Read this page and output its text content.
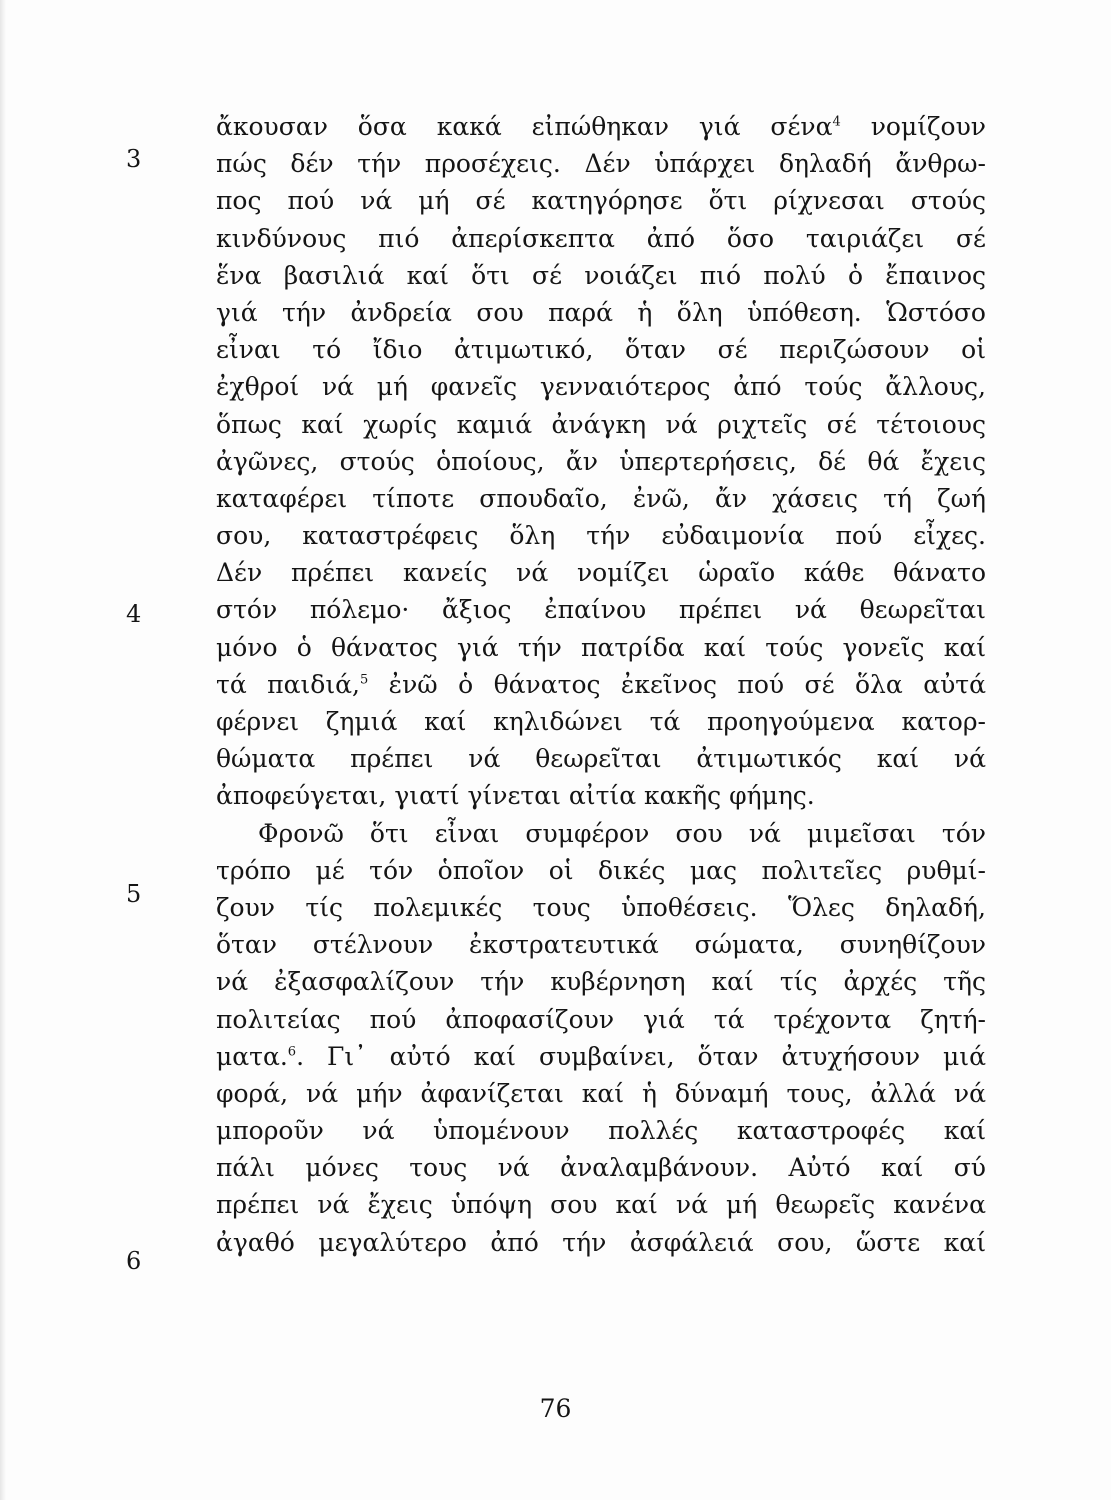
3
4
5
6
ἄκουσαν ὅσα κακά εἰπώθηκαν γιά σένα$^4$ νομίζουν
πώς δέν τήν προσέχεις. Δέν ὑπάρχει δηλαδή ἄνθρω-
πος πού νά μή σέ κατηγόρησε ὅτι ρίχνεσαι στούς
κινδύνους πιό ἀπερίσκεπτα ἀπό ὅσο ταιριάζει σέ
ἕνα βασιλιά καί ὅτι σέ νοιάζει πιό πολύ ὁ ἔπαινος
γιά τήν ἀνδρεία σου παρά ἡ ὅλη ὑπόθεση. Ὡστόσο
εἶναι τό ἴδιο ἀτιμωτικό, ὅταν σέ περιζώσουν οἱ
ἐχθροί νά μή φανεῖς γενναιότερος ἀπό τούς ἄλλους,
ὅπως καί χωρίς καμιά ἀνάγκη νά ριχτεῖς σέ τέτοιους
ἀγῶνες, στούς ὁποίους, ἄν ὑπερτερήσεις, δέ θά ἔχεις
καταφέρει τίποτε σπουδαῖο, ἐνῶ, ἄν χάσεις τή ζωή
σου, καταστρέφεις ὅλη τήν εὐδαιμονία πού εἶχες.
Δέν πρέπει κανείς νά νομίζει ὡραῖο κάθε θάνατο
στόν πόλεμο· ἄξιος ἐπαίνου πρέπει νά θεωρεῖται
μόνο ὁ θάνατος γιά τήν πατρίδα καί τούς γονεῖς καί
τά παιδιά,$^5$ ἐνῶ ὁ θάνατος ἐκεῖνος πού σέ ὅλα αὐτά
φέρνει ζημιά καί κηλιδώνει τά προηγούμενα κατορ-
θώματα πρέπει νά θεωρεῖται ἀτιμωτικός καί νά
ἀποφεύγεται, γιατί γίνεται αἰτία κακῆς φήμης.
Φρονῶ ὅτι εἶναι συμφέρον σου νά μιμεῖσαι τόν
τρόπο μέ τόν ὁποῖον οἱ δικές μας πολιτεῖες ρυθμί-
ζουν τίς πολεμικές τους ὑποθέσεις. Ὅλες δηλαδή,
ὅταν στέλνουν ἐκστρατευτικά σώματα, συνηθίζουν
νά ἐξασφαλίζουν τήν κυβέρνηση καί τίς ἀρχές τῆς
πολιτείας πού ἀποφασίζουν γιά τά τρέχοντα ζητή-
ματα.$^6$. Γι᾽ αὐτό καί συμβαίνει, ὅταν ἀτυχήσουν μιά
φορά, νά μήν ἀφανίζεται καί ἡ δύναμή τους, ἀλλά νά
μποροῦν νά ὑπομένουν πολλές καταστροφές καί
πάλι μόνες τους νά ἀναλαμβάνουν. Αὐτό καί σύ
πρέπει νά ἔχεις ὑπόψη σου καί νά μή θεωρεῖς κανένα
ἀγαθό μεγαλύτερο ἀπό τήν ἀσφάλειά σου, ὥστε καί
76
